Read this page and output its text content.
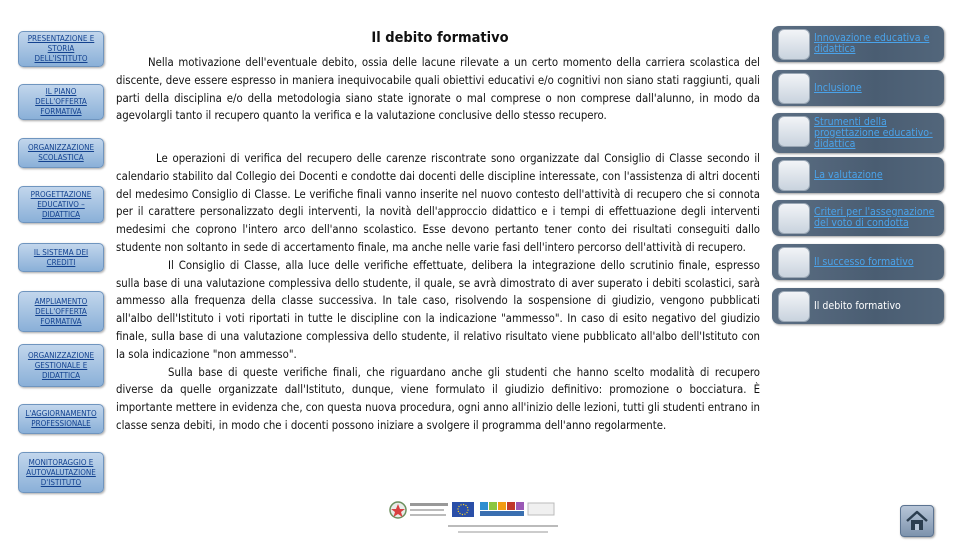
PRESENTAZIONE E STORIA DELL'ISTITUTO
IL PIANO DELL'OFFERTA FORMATIVA
ORGANIZZAZIONE SCOLASTICA
PROGETTAZIONE EDUCATIVO – DIDATTICA
IL SISTEMA DEI CREDITI
AMPLIAMENTO DELL'OFFERTA FORMATIVA
ORGANIZZAZIONE GESTIONALE E DIDATTICA
L'AGGIORNAMENTO PROFESSIONALE
MONITORAGGIO E AUTOVALUTAZIONE D'ISTITUTO
Il debito formativo
Nella motivazione dell'eventuale debito, ossia delle lacune rilevate a un certo momento della carriera scolastica del discente, deve essere espresso in maniera inequivocabile quali obiettivi educativi e/o cognitivi non siano stati raggiunti, quali parti della disciplina e/o della metodologia siano state ignorate o mal comprese o non comprese dall'alunno, in modo da agevolargli tanto il recupero quanto la verifica e la valutazione conclusive dello stesso recupero.
Le operazioni di verifica del recupero delle carenze riscontrate sono organizzate dal Consiglio di Classe secondo il calendario stabilito dal Collegio dei Docenti e condotte dai docenti delle discipline interessate, con l'assistenza di altri docenti del medesimo Consiglio di Classe. Le verifiche finali vanno inserite nel nuovo contesto dell'attività di recupero che si connota per il carattere personalizzato degli interventi, la novità dell'approccio didattico e i tempi di effettuazione degli interventi medesimi che coprono l'intero arco dell'anno scolastico. Esse devono pertanto tener conto dei risultati conseguiti dallo studente non soltanto in sede di accertamento finale, ma anche nelle varie fasi dell'intero percorso dell'attività di recupero.
Il Consiglio di Classe, alla luce delle verifiche effettuate, delibera la integrazione dello scrutinio finale, espresso sulla base di una valutazione complessiva dello studente, il quale, se avrà dimostrato di aver superato i debiti scolastici, sarà ammesso alla frequenza della classe successiva. In tale caso, risolvendo la sospensione di giudizio, vengono pubblicati all'albo dell'Istituto i voti riportati in tutte le discipline con la indicazione "ammesso". In caso di esito negativo del giudizio finale, sulla base di una valutazione complessiva dello studente, il relativo risultato viene pubblicato all'albo dell'Istituto con la sola indicazione "non ammesso".
Sulla base di queste verifiche finali, che riguardano anche gli studenti che hanno scelto modalità di recupero diverse da quelle organizzate dall'Istituto, dunque, viene formulato il giudizio definitivo: promozione o bocciatura. È importante mettere in evidenza che, con questa nuova procedura, ogni anno all'inizio delle lezioni, tutti gli studenti entrano in classe senza debiti, in modo che i docenti possono iniziare a svolgere il programma dell'anno regolarmente.
Innovazione educativa e didattica
Inclusione
Strumenti della progettazione educativo-didattica
La valutazione
Criteri per l'assegnazione del voto di condotta
Il successo formativo
Il debito formativo
